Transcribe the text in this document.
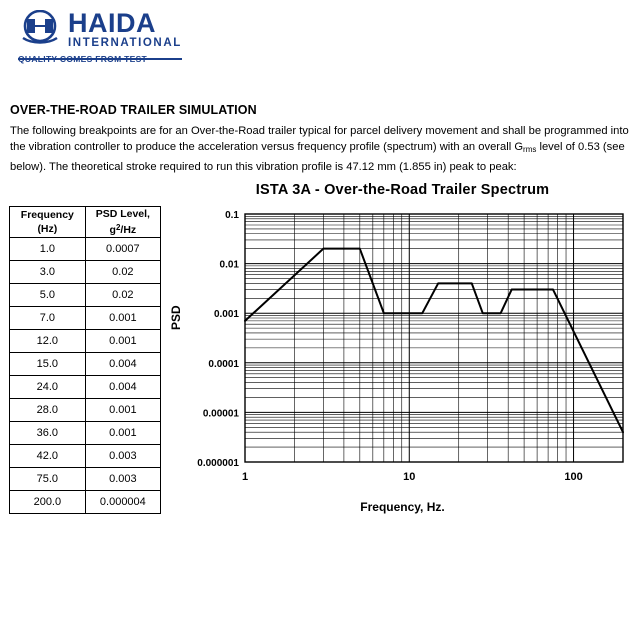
HAIDA
INTERNATIONAL
OVER-THE-ROAD TRAILER SIMULATION
The following breakpoints are for an Over-the-Road trailer typical for parcel delivery movement and shall be programmed into the vibration controller to produce the acceleration versus frequency profile (spectrum) with an overall $G_{rms}$ level of 0.53 (see below). The theoretical stroke required to run this vibration profile is 47.12 mm (1.855 in) peak to peak:
Frequency
(Hz)

PSD Level,
$g^2/Hz$

1.0	0.0007
3.0	0.02
5.0	0.02
7.0	0.001
12.0	0.001
15.0	0.004
24.0	0.004
28.0	0.001
36.0	0.001
42.0	0.003
75.0	0.003
200.0	0.000004
ISTA 3A - Over-the-Road Trailer Spectrum
0.1
0.01
0.001
0.0001
0.00001
0.000001
1	10	100
PSD
Frequency, Hz.
